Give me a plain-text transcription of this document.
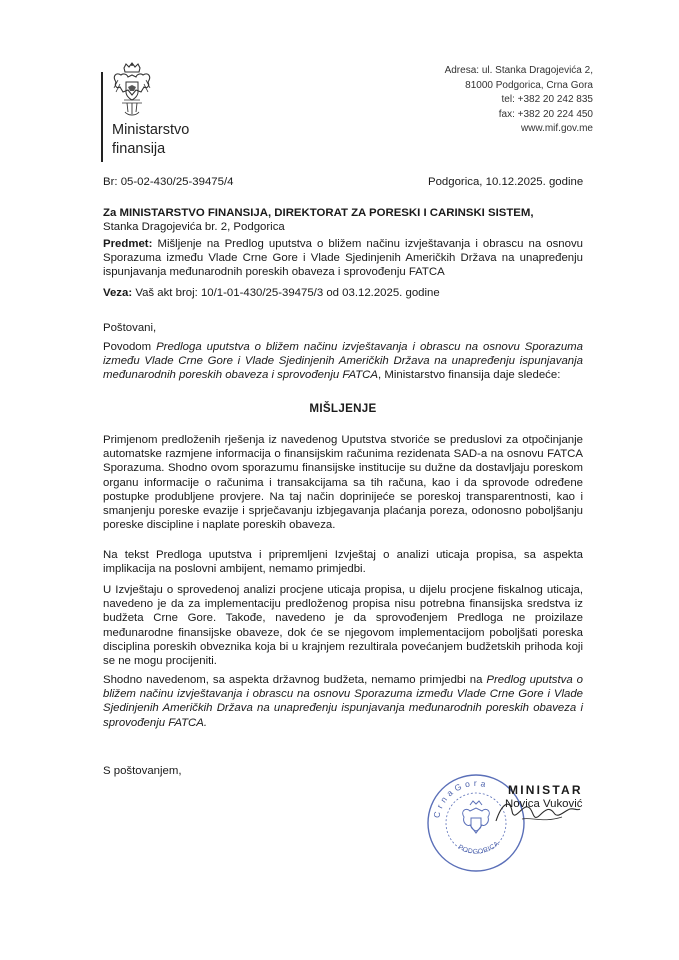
Ministarstvo
finansija
Adresa: ul. Stanka Dragojevića 2,
81000 Podgorica, Crna Gora
tel: +382 20 242 835
fax: +382 20 224 450
www.mif.gov.me
Br: 05-02-430/25-39475/4	Podgorica, 10.12.2025. godine
Za MINISTARSTVO FINANSIJA, DIREKTORAT ZA PORESKI I CARINSKI SISTEM,
Stanka Dragojevića br. 2, Podgorica
Predmet: Mišljenje na Predlog uputstva o bližem načinu izvještavanja i obrascu na osnovu Sporazuma između Vlade Crne Gore i Vlade Sjedinjenih Američkih Država na unapređenju ispunjavanja međunarodnih poreskih obaveza i sprovođenju FATCA
Veza: Vaš akt broj: 10/1-01-430/25-39475/3 od 03.12.2025. godine
Poštovani,
Povodom Predloga uputstva o bližem načinu izvještavanja i obrascu na osnovu Sporazuma između Vlade Crne Gore i Vlade Sjedinjenih Američkih Država na unapređenju ispunjavanja međunarodnih poreskih obaveza i sprovođenju FATCA, Ministarstvo finansija daje sledeće:
MIŠLJENJE
Primjenom predloženih rješenja iz navedenog Uputstva stvoriće se preduslovi za otpočinjanje automatske razmjene informacija o finansijskim računima rezidenata SAD-a na osnovu FATCA Sporazuma. Shodno ovom sporazumu finansijske institucije su dužne da dostavljaju poreskom organu informacije o računima i transakcijama sa tih računa, kao i da sprovode određene postupke produbljene provjere. Na taj način doprinijeće se poreskoj transparentnosti, kao i smanjenju poreske evazije i sprječavanju izbjegavanja plaćanja poreza, odonosno poboljšanju poreske discipline i naplate poreskih obaveza.
Na tekst Predloga uputstva i pripremljeni Izvještaj o analizi uticaja propisa, sa aspekta implikacija na poslovni ambijent, nemamo primjedbi.
U Izvještaju o sprovedenoj analizi procjene uticaja propisa, u dijelu procjene fiskalnog uticaja, navedeno je da za implementaciju predloženog propisa nisu potrebna finansijska sredstva iz budžeta Crne Gore. Takođe, navedeno je da sprovođenjem Predloga ne proizilaze međunarodne finansijske obaveze, dok će se njegovom implementacijom poboljšati poreska disciplina poreskih obveznika koja bi u krajnjem rezultirala povećanjem budžetskih prihoda koji se ne mogu procijeniti.
Shodno navedenom, sa aspekta državnog budžeta, nemamo primjedbi na Predlog uputstva o bližem načinu izvještavanja i obrascu na osnovu Sporazuma između Vlade Crne Gore i Vlade Sjedinjenih Američkih Država na unapređenju ispunjavanja međunarodnih poreskih obaveza i sprovođenju FATCA.
S poštovanjem,
C r n a G o r a
PODGORICA
MINISTAR
Novica Vuković
